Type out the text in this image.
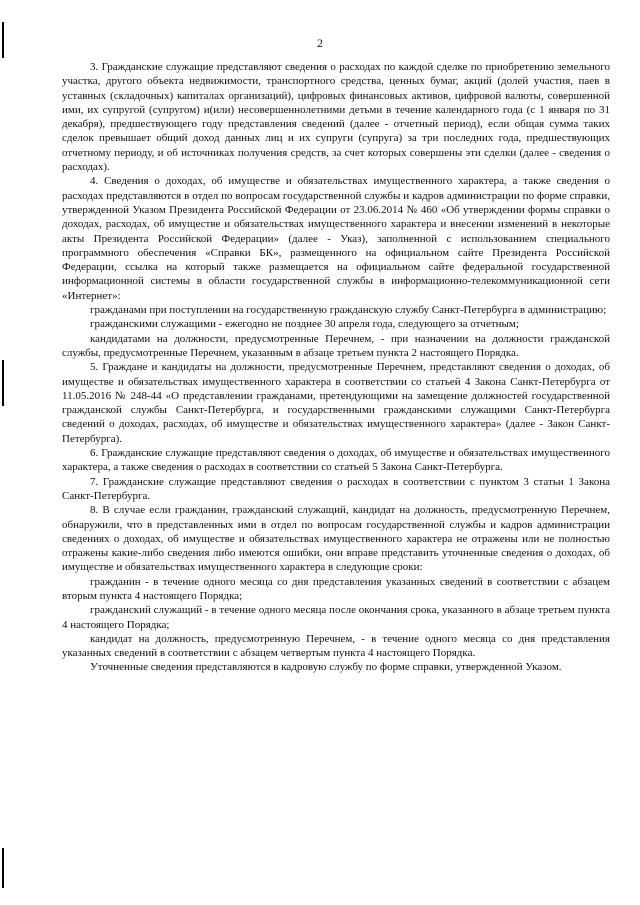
2

3. Гражданские служащие представляют сведения о расходах по каждой сделке по приобретению земельного участка, другого объекта недвижимости, транспортного средства, ценных бумаг, акций (долей участия, паев в уставных (складочных) капиталах организаций), цифровых финансовых активов, цифровой валюты, совершенной ими, их супругой (супругом) и(или) несовершеннолетними детьми в течение календарного года (с 1 января по 31 декабря), предшествующего году представления сведений (далее - отчетный период), если общая сумма таких сделок превышает общий доход данных лиц и их супруги (супруга) за три последних года, предшествующих отчетному периоду, и об источниках получения средств, за счет которых совершены эти сделки (далее - сведения о расходах).

4. Сведения о доходах, об имуществе и обязательствах имущественного характера, а также сведения о расходах представляются в отдел по вопросам государственной службы и кадров администрации по форме справки, утвержденной Указом Президента Российской Федерации от 23.06.2014 № 460 «Об утверждении формы справки о доходах, расходах, об имуществе и обязательствах имущественного характера и внесении изменений в некоторые акты Президента Российской Федерации» (далее - Указ), заполненной с использованием специального программного обеспечения «Справки БК», размещенного на официальном сайте Президента Российской Федерации, ссылка на который также размещается на официальном сайте федеральной государственной информационной системы в области государственной службы в информационно-телекоммуникационной сети «Интернет»:

гражданами при поступлении на государственную гражданскую службу Санкт-Петербурга в администрацию;

гражданскими служащими - ежегодно не позднее 30 апреля года, следующего за отчетным;

кандидатами на должности, предусмотренные Перечнем, - при назначении на должности гражданской службы, предусмотренные Перечнем, указанным в абзаце третьем пункта 2 настоящего Порядка.

5. Граждане и кандидаты на должности, предусмотренные Перечнем, представляют сведения о доходах, об имуществе и обязательствах имущественного характера в соответствии со статьей 4 Закона Санкт-Петербурга от 11.05.2016 № 248-44 «О представлении гражданами, претендующими на замещение должностей государственной гражданской службы Санкт-Петербурга, и государственными гражданскими служащими Санкт-Петербурга сведений о доходах, расходах, об имуществе и обязательствах имущественного характера» (далее - Закон Санкт-Петербурга).

6. Гражданские служащие представляют сведения о доходах, об имуществе и обязательствах имущественного характера, а также сведения о расходах в соответствии со статьей 5 Закона Санкт-Петербурга.

7. Гражданские служащие представляют сведения о расходах в соответствии с пунктом 3 статьи 1 Закона Санкт-Петербурга.

8. В случае если гражданин, гражданский служащий, кандидат на должность, предусмотренную Перечнем, обнаружили, что в представленных ими в отдел по вопросам государственной службы и кадров администрации сведениях о доходах, об имуществе и обязательствах имущественного характера не отражены или не полностью отражены какие-либо сведения либо имеются ошибки, они вправе представить уточненные сведения о доходах, об имуществе и обязательствах имущественного характера в следующие сроки:

гражданин - в течение одного месяца со дня представления указанных сведений в соответствии с абзацем вторым пункта 4 настоящего Порядка;

гражданский служащий - в течение одного месяца после окончания срока, указанного в абзаце третьем пункта 4 настоящего Порядка;

кандидат на должность, предусмотренную Перечнем, - в течение одного месяца со дня представления указанных сведений в соответствии с абзацем четвертым пункта 4 настоящего Порядка.

Уточненные сведения представляются в кадровую службу по форме справки, утвержденной Указом.
